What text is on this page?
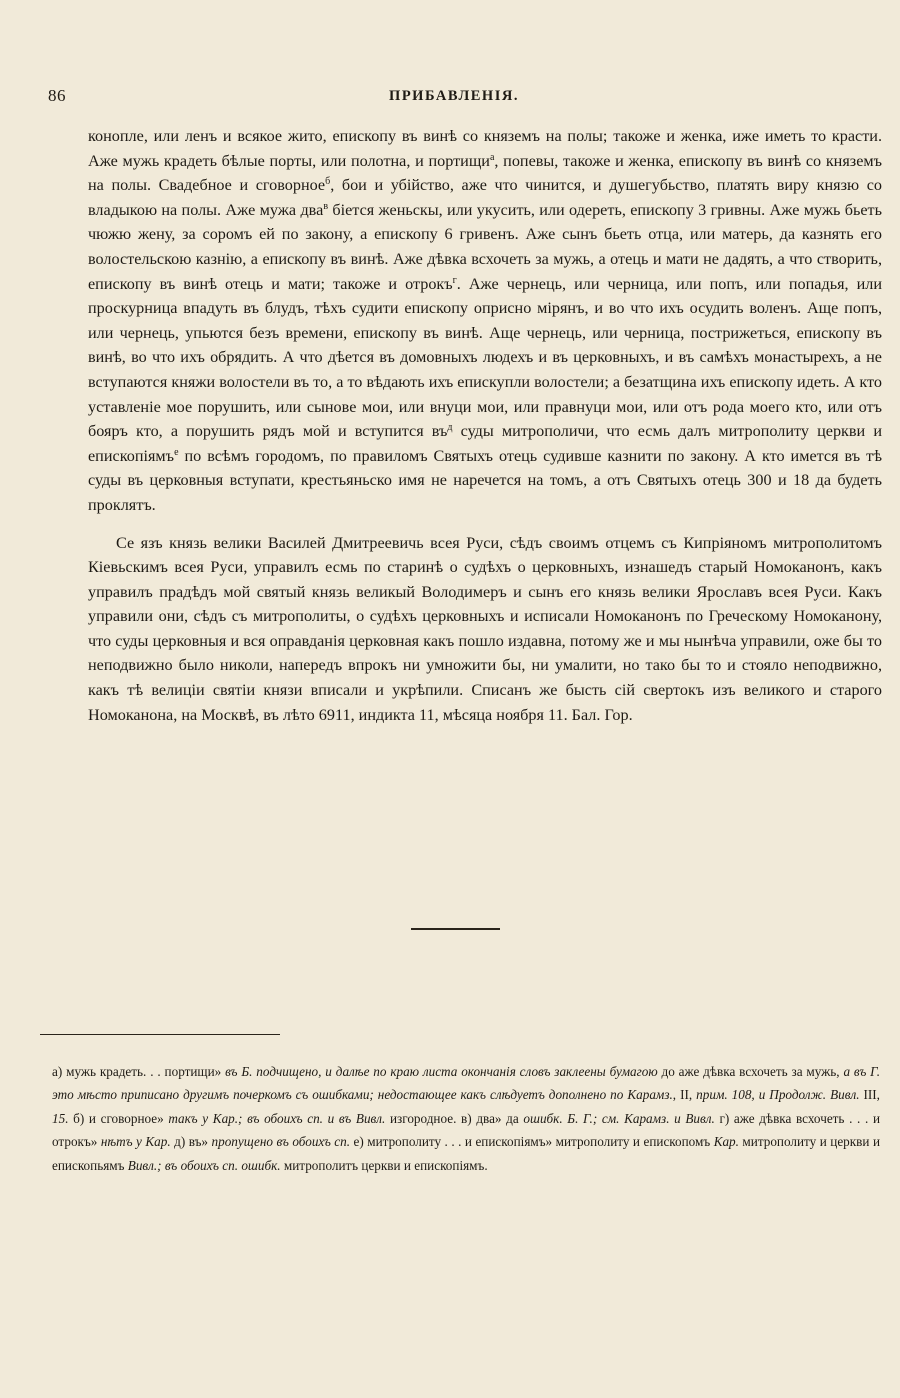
86	ПРИБАВЛЕНІЯ.

конопле, или ленъ и всякое жито, епископу въ винѣ со княземъ на полы; такоже и женка, иже иметь то красти. Аже мужь крадеть бѣлые порты, или полотна, и портищи$^a$, попевы, такоже и женка, епископу въ винѣ со княземъ на полы. Свадебное и сговорное$^б$, бои и убійство, аже что чинится, и душегубьство, платять виру князю со владыкою на полы. Аже мужа два$^в$ біется женьскы, или укусить, или одереть, епископу 3 гривны. Аже мужь бьеть чюжю жену, за соромъ ей по закону, а епископу 6 гривенъ. Аже сынъ бьеть отца, или матерь, да казнять его волостельскою казнію, а епископу въ винѣ. Аже дѣвка всхочеть за мужь, а отець и мати не дадять, а что створить, епископу въ винѣ отець и мати; такоже и отрокъ$^г$. Аже чернець, или черница, или попъ, или попадья, или проскурница впадуть въ блудъ, тѣхъ судити епископу оприсно мірянъ, и во что ихъ осудить воленъ. Аще попъ, или чернець, упьются безъ времени, епископу въ винѣ. Аще чернець, или черница, пострижеться, епископу въ винѣ, во что ихъ обрядить. А что дѣется въ домовныхъ людехъ и въ церковныхъ, и въ самѣхъ монастырехъ, а не вступаются княжи волостели въ то, а то вѣдають ихъ епискупли волостели; а безатщина ихъ епископу идеть. А кто уставленіе мое порушить, или сынове мои, или внуци мои, или правнуци мои, или отъ рода моего кто, или отъ бояръ кто, а порушить рядъ мой и вступится $въ^д$ суды митрополичи, что есмь далъ митрополиту церкви и епископіямъ$^е$ по всѣмъ городомъ, по правиломъ Святыхъ отець судивше казнити по закону. А кто имется въ тѣ суды въ церковныя вступати, крестьяньско имя не наречется на томъ, а отъ Святыхъ отець 300 и 18 да будеть проклятъ.

Се язъ князь велики Василей Дмитреевичь всея Руси, сѣдъ своимъ отцемъ съ Кипріяномъ митрополитомъ Кіевьскимъ всея Руси, управилъ есмь по старинѣ о судѣхъ о церковныхъ, изнашедъ старый Номоканонъ, какъ управилъ прадѣдъ мой святый князь великый Володимеръ и сынъ его князь велики Ярославъ всея Руси. Какъ управили они, сѣдъ съ митрополиты, о судѣхъ церковныхъ и исписали Номоканонъ по Греческому Номоканону, что суды церковныя и вся оправданія церковная какъ пошло издавна, потому же и мы нынѣча управили, оже бы то неподвижно было николи, напередъ впрокъ ни умножити бы, ни умалити, но тако бы то и стояло неподвижно, какъ тѣ велиціи святіи князи вписали и укрѣпили. Списанъ же бысть сій свертокъ изъ великого и старого Номоканона, на Москвѣ, въ лѣто 6911, индикта 11, мѣсяца ноября 11. Бал. Гор.

a) мужь крадеть. . . портищи» въ Б. подчищено, и далѣе по краю листа окончанія словъ заклеены бумагою до аже дѣвка всхочеть за мужь, а въ Г. это мѣсто приписано другимъ почеркомъ съ ошибками; недостающее какъ слѣдуетъ дополнено по Карамз., II, прим. 108, и Продолж. Вивл. III, 15. б) и сговорное» такъ у Кар.; въ обоихъ сп. и въ Вивл. изгородное. в) два» да ошибк. Б. Г.; см. Карамз. и Вивл. г) аже дѣвка всхочеть . . . и отрокъ» нѣтъ у Кар. д) въ» пропущено въ обоихъ сп. е) митрополиту . . . и епископіямъ» митрополиту и епископомъ Кар. митрополиту и церкви и епископьямъ Вивл.; въ обоихъ сп. ошибк. митрополитъ церкви и епископіямъ.
